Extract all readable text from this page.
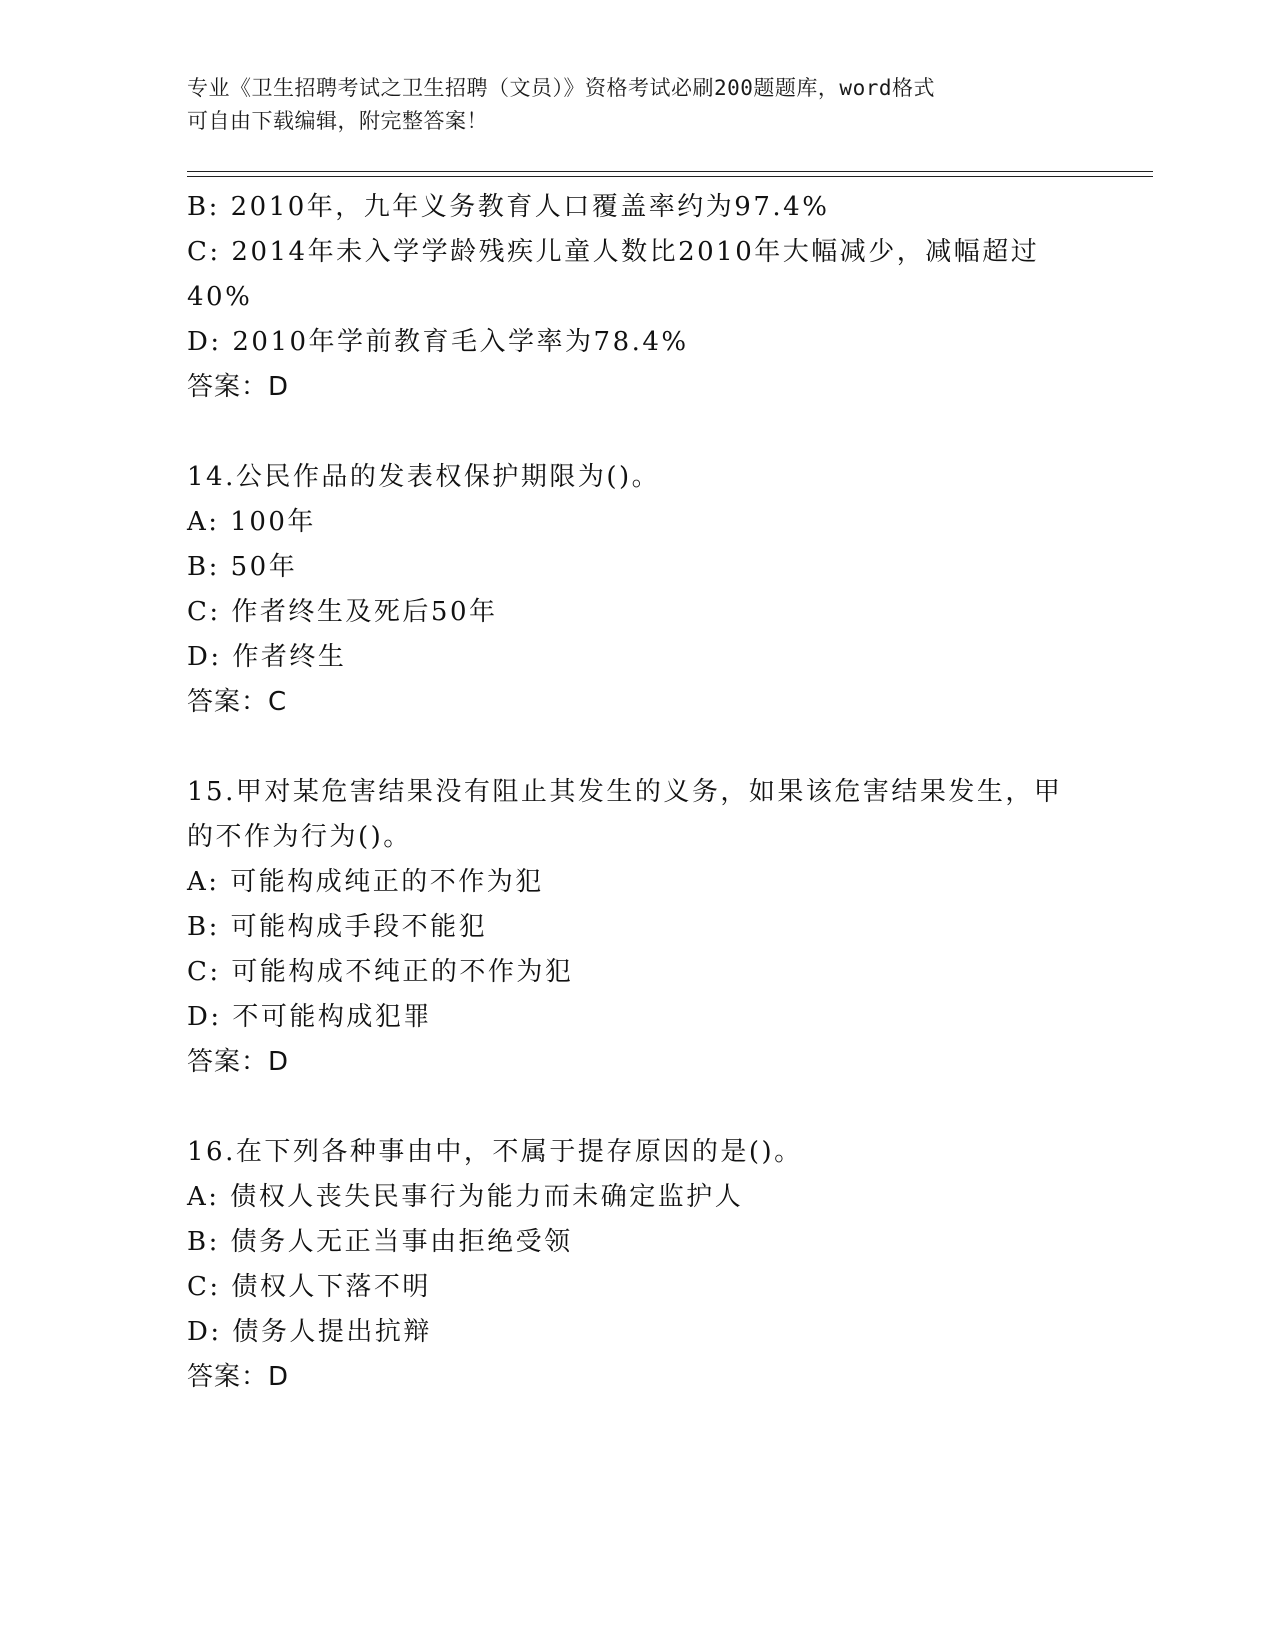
专业《卫生招聘考试之卫生招聘（文员）》资格考试必刷200题题库，word格式
可自由下载编辑，附完整答案！
B: 2010年，九年义务教育人口覆盖率约为97.4%
C: 2014年未入学学龄残疾儿童人数比2010年大幅减少，减幅超过
40%
D: 2010年学前教育毛入学率为78.4%
答案：D
14.公民作品的发表权保护期限为()。
A: 100年
B: 50年
C: 作者终生及死后50年
D: 作者终生
答案：C
15.甲对某危害结果没有阻止其发生的义务，如果该危害结果发生，甲
的不作为行为()。
A: 可能构成纯正的不作为犯
B: 可能构成手段不能犯
C: 可能构成不纯正的不作为犯
D: 不可能构成犯罪
答案：D
16.在下列各种事由中，不属于提存原因的是()。
A: 债权人丧失民事行为能力而未确定监护人
B: 债务人无正当事由拒绝受领
C: 债权人下落不明
D: 债务人提出抗辩
答案：D
